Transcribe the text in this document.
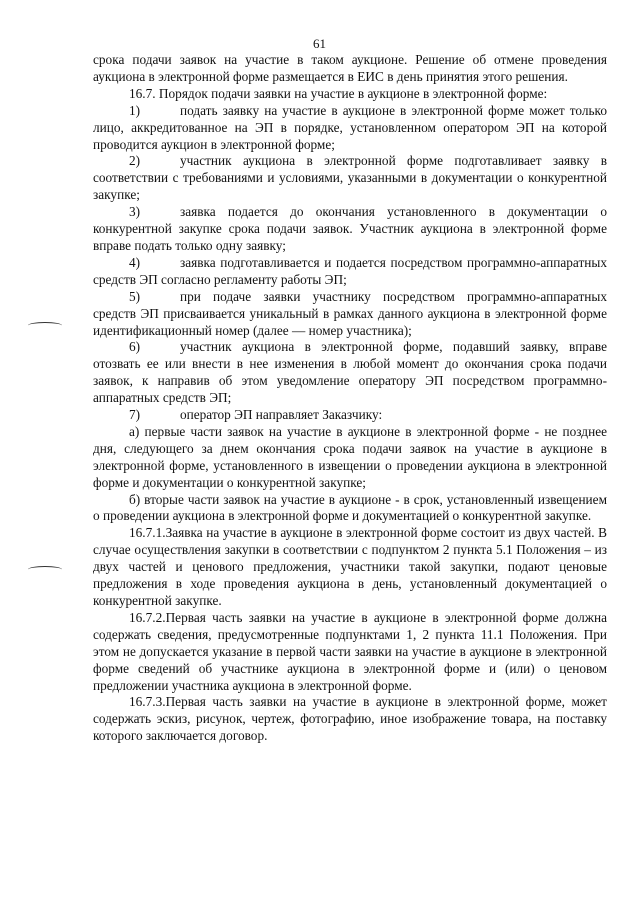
61

срока подачи заявок на участие в таком аукционе. Решение об отмене проведения аукциона в электронной форме размещается в ЕИС в день принятия этого решения.

16.7. Порядок подачи заявки на участие в аукционе в электронной форме:

1)   подать заявку на участие в аукционе в электронной форме может только лицо, аккредитованное на ЭП в порядке, установленном оператором ЭП на которой проводится аукцион в электронной форме;

2)   участник аукциона в электронной форме подготавливает заявку в соответствии с требованиями и условиями, указанными в документации о конкурентной закупке;

3)   заявка подается до окончания установленного в документации о конкурентной закупке срока подачи заявок. Участник аукциона в электронной форме вправе подать только одну заявку;

4)   заявка подготавливается и подается посредством программно-аппаратных средств ЭП согласно регламенту работы ЭП;

5)   при подаче заявки участнику посредством программно-аппаратных средств ЭП присваивается уникальный в рамках данного аукциона в электронной форме идентификационный номер (далее — номер участника);

6)   участник аукциона в электронной форме, подавший заявку, вправе отозвать ее или внести в нее изменения в любой момент до окончания срока подачи заявок, к направив об этом уведомление оператору ЭП посредством программно-аппаратных средств ЭП;

7)   оператор ЭП направляет Заказчику:

а) первые части заявок на участие в аукционе в электронной форме - не позднее дня, следующего за днем окончания срока подачи заявок на участие в аукционе в электронной форме, установленного в извещении о проведении аукциона в электронной форме и документации о конкурентной закупке;

б) вторые части заявок на участие в аукционе - в срок, установленный извещением о проведении аукциона в электронной форме и документацией о конкурентной закупке.

16.7.1.Заявка на участие в аукционе в электронной форме состоит из двух частей. В случае осуществления закупки в соответствии с подпунктом 2 пункта 5.1 Положения – из двух частей и ценового предложения, участники такой закупки, подают ценовые предложения в ходе проведения аукциона в день, установленный документацией о конкурентной закупке.

16.7.2.Первая часть заявки на участие в аукционе в электронной форме должна содержать сведения, предусмотренные подпунктами 1, 2 пункта 11.1 Положения. При этом не допускается указание в первой части заявки на участие в аукционе в электронной форме сведений об участнике аукциона в электронной форме и (или) о ценовом предложении участника аукциона в электронной форме.

16.7.3.Первая часть заявки на участие в аукционе в электронной форме, может содержать эскиз, рисунок, чертеж, фотографию, иное изображение товара, на поставку которого заключается договор.
